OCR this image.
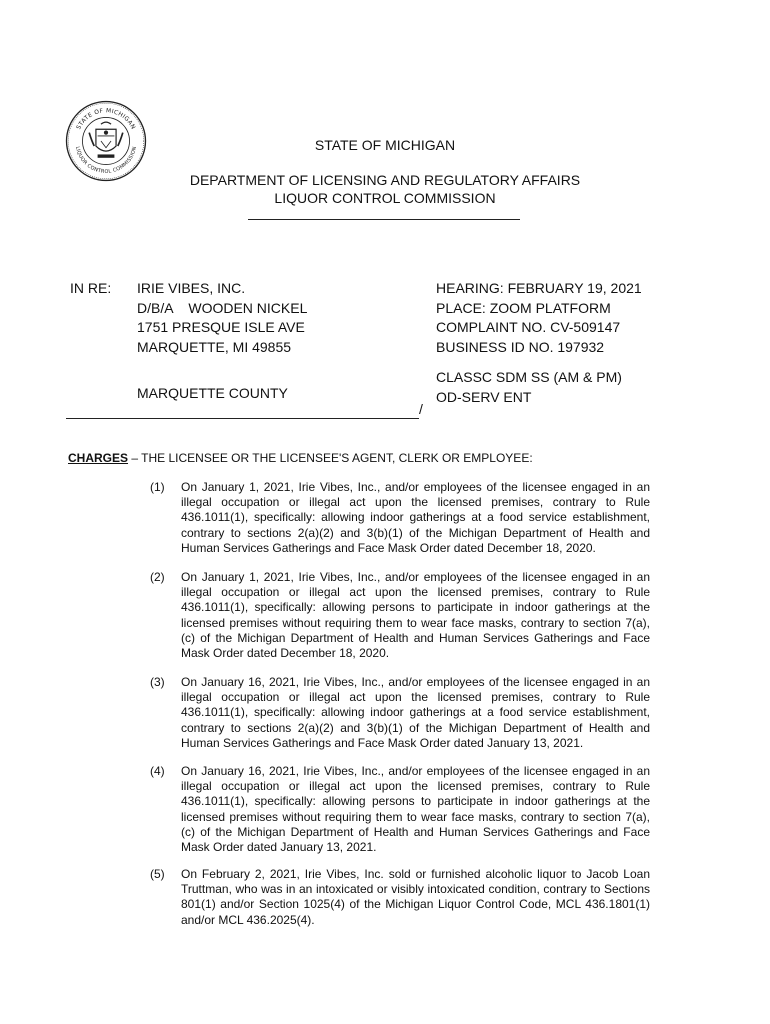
STATE OF MICHIGAN
LIQUOR CONTROL COMMISSION	STATE OF MICHIGAN
DEPARTMENT OF LICENSING AND REGULATORY AFFAIRS
LIQUOR CONTROL COMMISSION
IN RE: IRIE VIBES, INC.
D/B/A    WOODEN NICKEL
1751 PRESQUE ISLE AVE
MARQUETTE, MI 49855
MARQUETTE COUNTY
HEARING: FEBRUARY 19, 2021
PLACE: ZOOM PLATFORM
COMPLAINT NO. CV-509147
BUSINESS ID NO. 197932
CLASSC SDM SS (AM & PM)
OD-SERV ENT
/
CHARGES – THE LICENSEE OR THE LICENSEE'S AGENT, CLERK OR EMPLOYEE:
(1) On January 1, 2021, Irie Vibes, Inc., and/or employees of the licensee engaged in an illegal occupation or illegal act upon the licensed premises, contrary to Rule 436.1011(1), specifically: allowing indoor gatherings at a food service establishment, contrary to sections 2(a)(2) and 3(b)(1) of the Michigan Department of Health and Human Services Gatherings and Face Mask Order dated December 18, 2020.
(2) On January 1, 2021, Irie Vibes, Inc., and/or employees of the licensee engaged in an illegal occupation or illegal act upon the licensed premises, contrary to Rule 436.1011(1), specifically: allowing persons to participate in indoor gatherings at the licensed premises without requiring them to wear face masks, contrary to section 7(a), (c) of the Michigan Department of Health and Human Services Gatherings and Face Mask Order dated December 18, 2020.
(3) On January 16, 2021, Irie Vibes, Inc., and/or employees of the licensee engaged in an illegal occupation or illegal act upon the licensed premises, contrary to Rule 436.1011(1), specifically: allowing indoor gatherings at a food service establishment, contrary to sections 2(a)(2) and 3(b)(1) of the Michigan Department of Health and Human Services Gatherings and Face Mask Order dated January 13, 2021.
(4) On January 16, 2021, Irie Vibes, Inc., and/or employees of the licensee engaged in an illegal occupation or illegal act upon the licensed premises, contrary to Rule 436.1011(1), specifically: allowing persons to participate in indoor gatherings at the licensed premises without requiring them to wear face masks, contrary to section 7(a), (c) of the Michigan Department of Health and Human Services Gatherings and Face Mask Order dated January 13, 2021.
(5) On February 2, 2021, Irie Vibes, Inc. sold or furnished alcoholic liquor to Jacob Loan Truttman, who was in an intoxicated or visibly intoxicated condition, contrary to Sections 801(1) and/or Section 1025(4) of the Michigan Liquor Control Code, MCL 436.1801(1) and/or MCL 436.2025(4).
